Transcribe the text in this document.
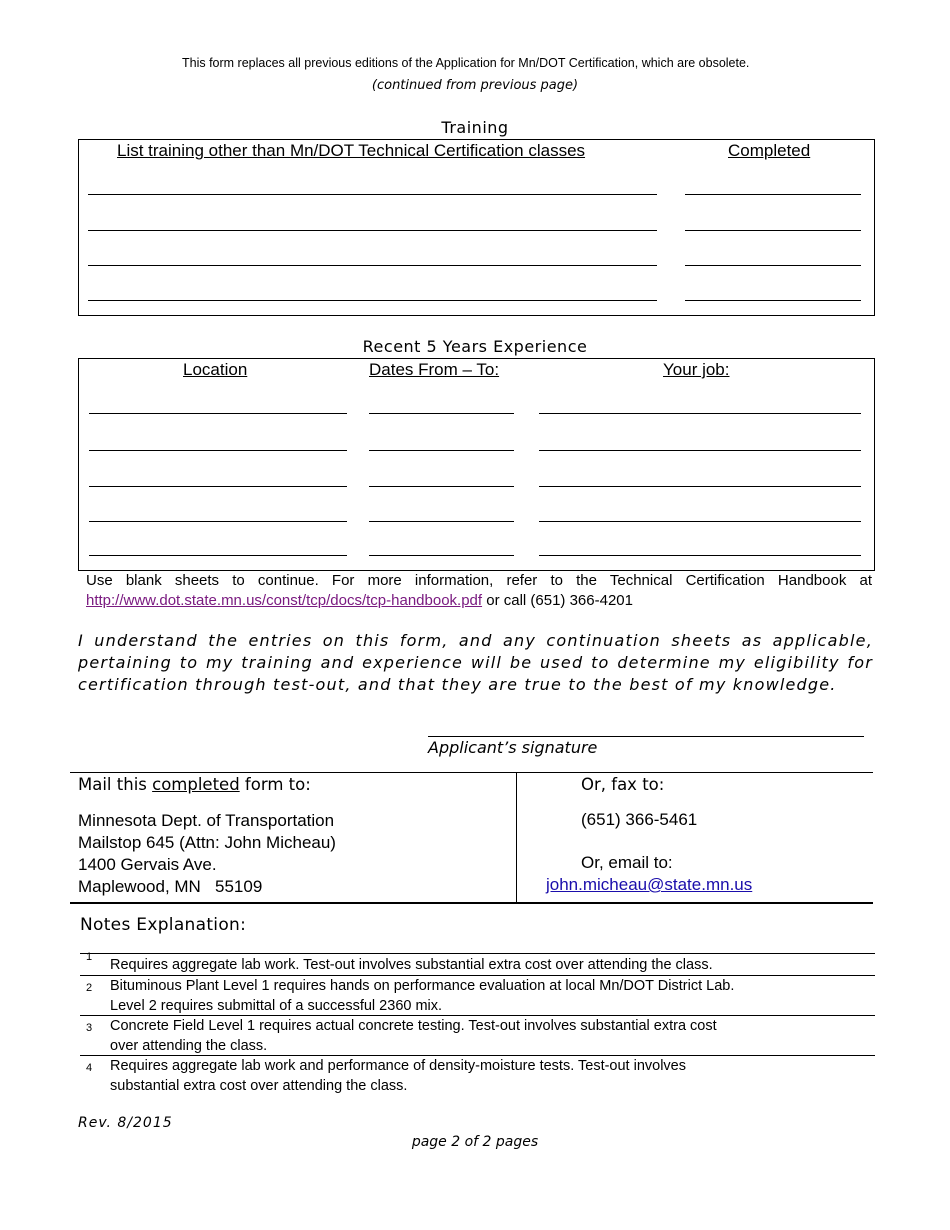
This form replaces all previous editions of the Application for Mn/DOT Certification, which are obsolete.
(continued from previous page)
Training
List training other than Mn/DOT Technical Certification classes	Completed
Recent 5 Years Experience
Location	Dates From – To:	Your job:
Use blank sheets to continue. For more information, refer to the Technical Certification Handbook at
http://www.dot.state.mn.us/const/tcp/docs/tcp-handbook.pdf or call (651) 366-4201
I understand the entries on this form, and any continuation sheets as applicable, pertaining to my training and experience will be used to determine my eligibility for certification through test-out, and that they are true to the best of my knowledge.
Applicant’s signature
Mail this completed form to:
Minnesota Dept. of Transportation
Mailstop 645 (Attn: John Micheau)
1400 Gervais Ave.
Maplewood, MN   55109
Or, fax to:
(651) 366-5461
Or, email to:
john.micheau@state.mn.us
Notes Explanation:
1 Requires aggregate lab work. Test-out involves substantial extra cost over attending the class.
2 Bituminous Plant Level 1 requires hands on performance evaluation at local Mn/DOT District Lab.
Level 2 requires submittal of a successful 2360 mix.
3 Concrete Field Level 1 requires actual concrete testing. Test-out involves substantial extra cost
over attending the class.
4 Requires aggregate lab work and performance of density-moisture tests. Test-out involves
substantial extra cost over attending the class.
Rev. 8/2015
page 2 of 2 pages
